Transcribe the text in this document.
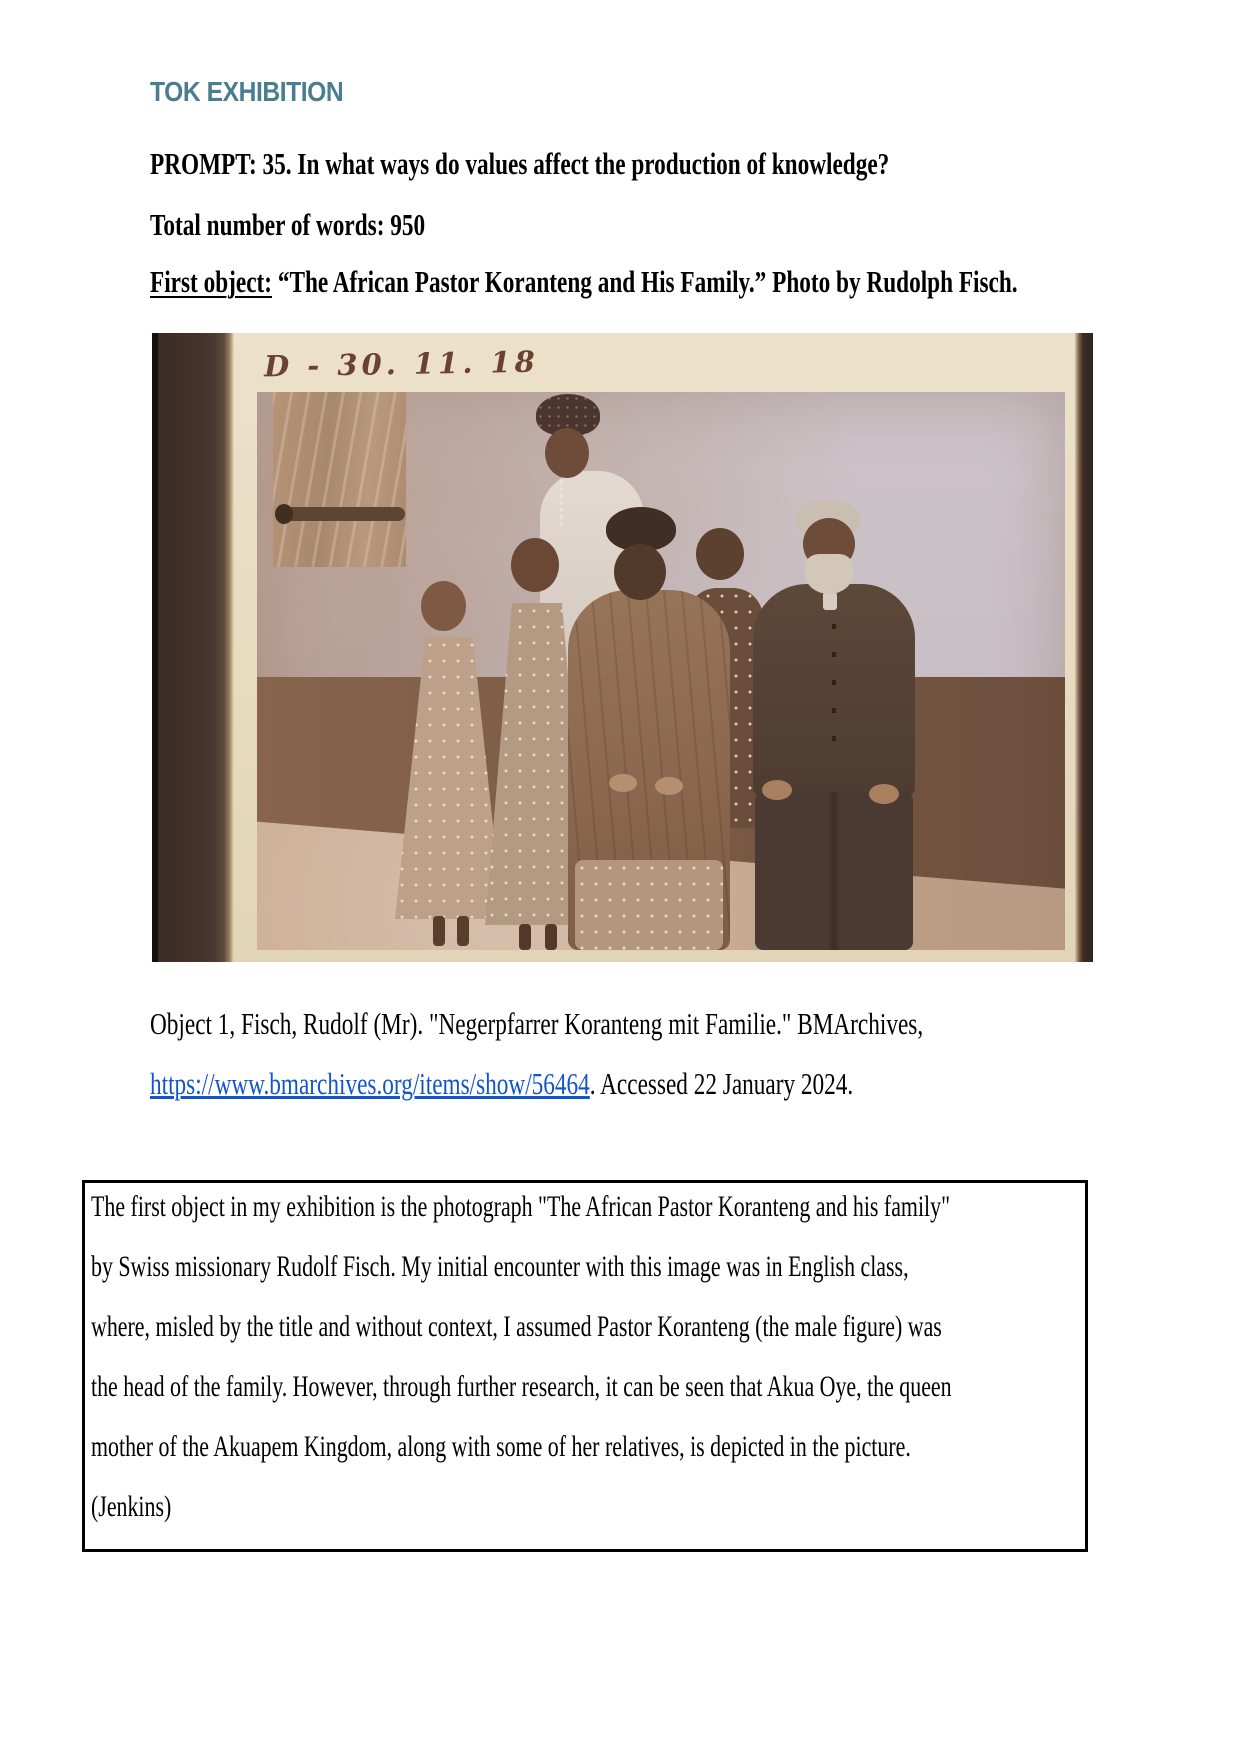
TOK EXHIBITION
PROMPT: 35. In what ways do values affect the production of knowledge?
Total number of words: 950
First object: “The African Pastor Koranteng and His Family.” Photo by Rudolph Fisch.
D - 30. 11. 18
Object 1, Fisch, Rudolf (Mr). "Negerpfarrer Koranteng mit Familie." BMArchives,
https://www.bmarchives.org/items/show/56464. Accessed 22 January 2024.
The first object in my exhibition is the photograph "The African Pastor Koranteng and his family"
by Swiss missionary Rudolf Fisch. My initial encounter with this image was in English class,
where, misled by the title and without context, I assumed Pastor Koranteng (the male figure) was
the head of the family. However, through further research, it can be seen that Akua Oye, the queen
mother of the Akuapem Kingdom, along with some of her relatives, is depicted in the picture.
(Jenkins)
